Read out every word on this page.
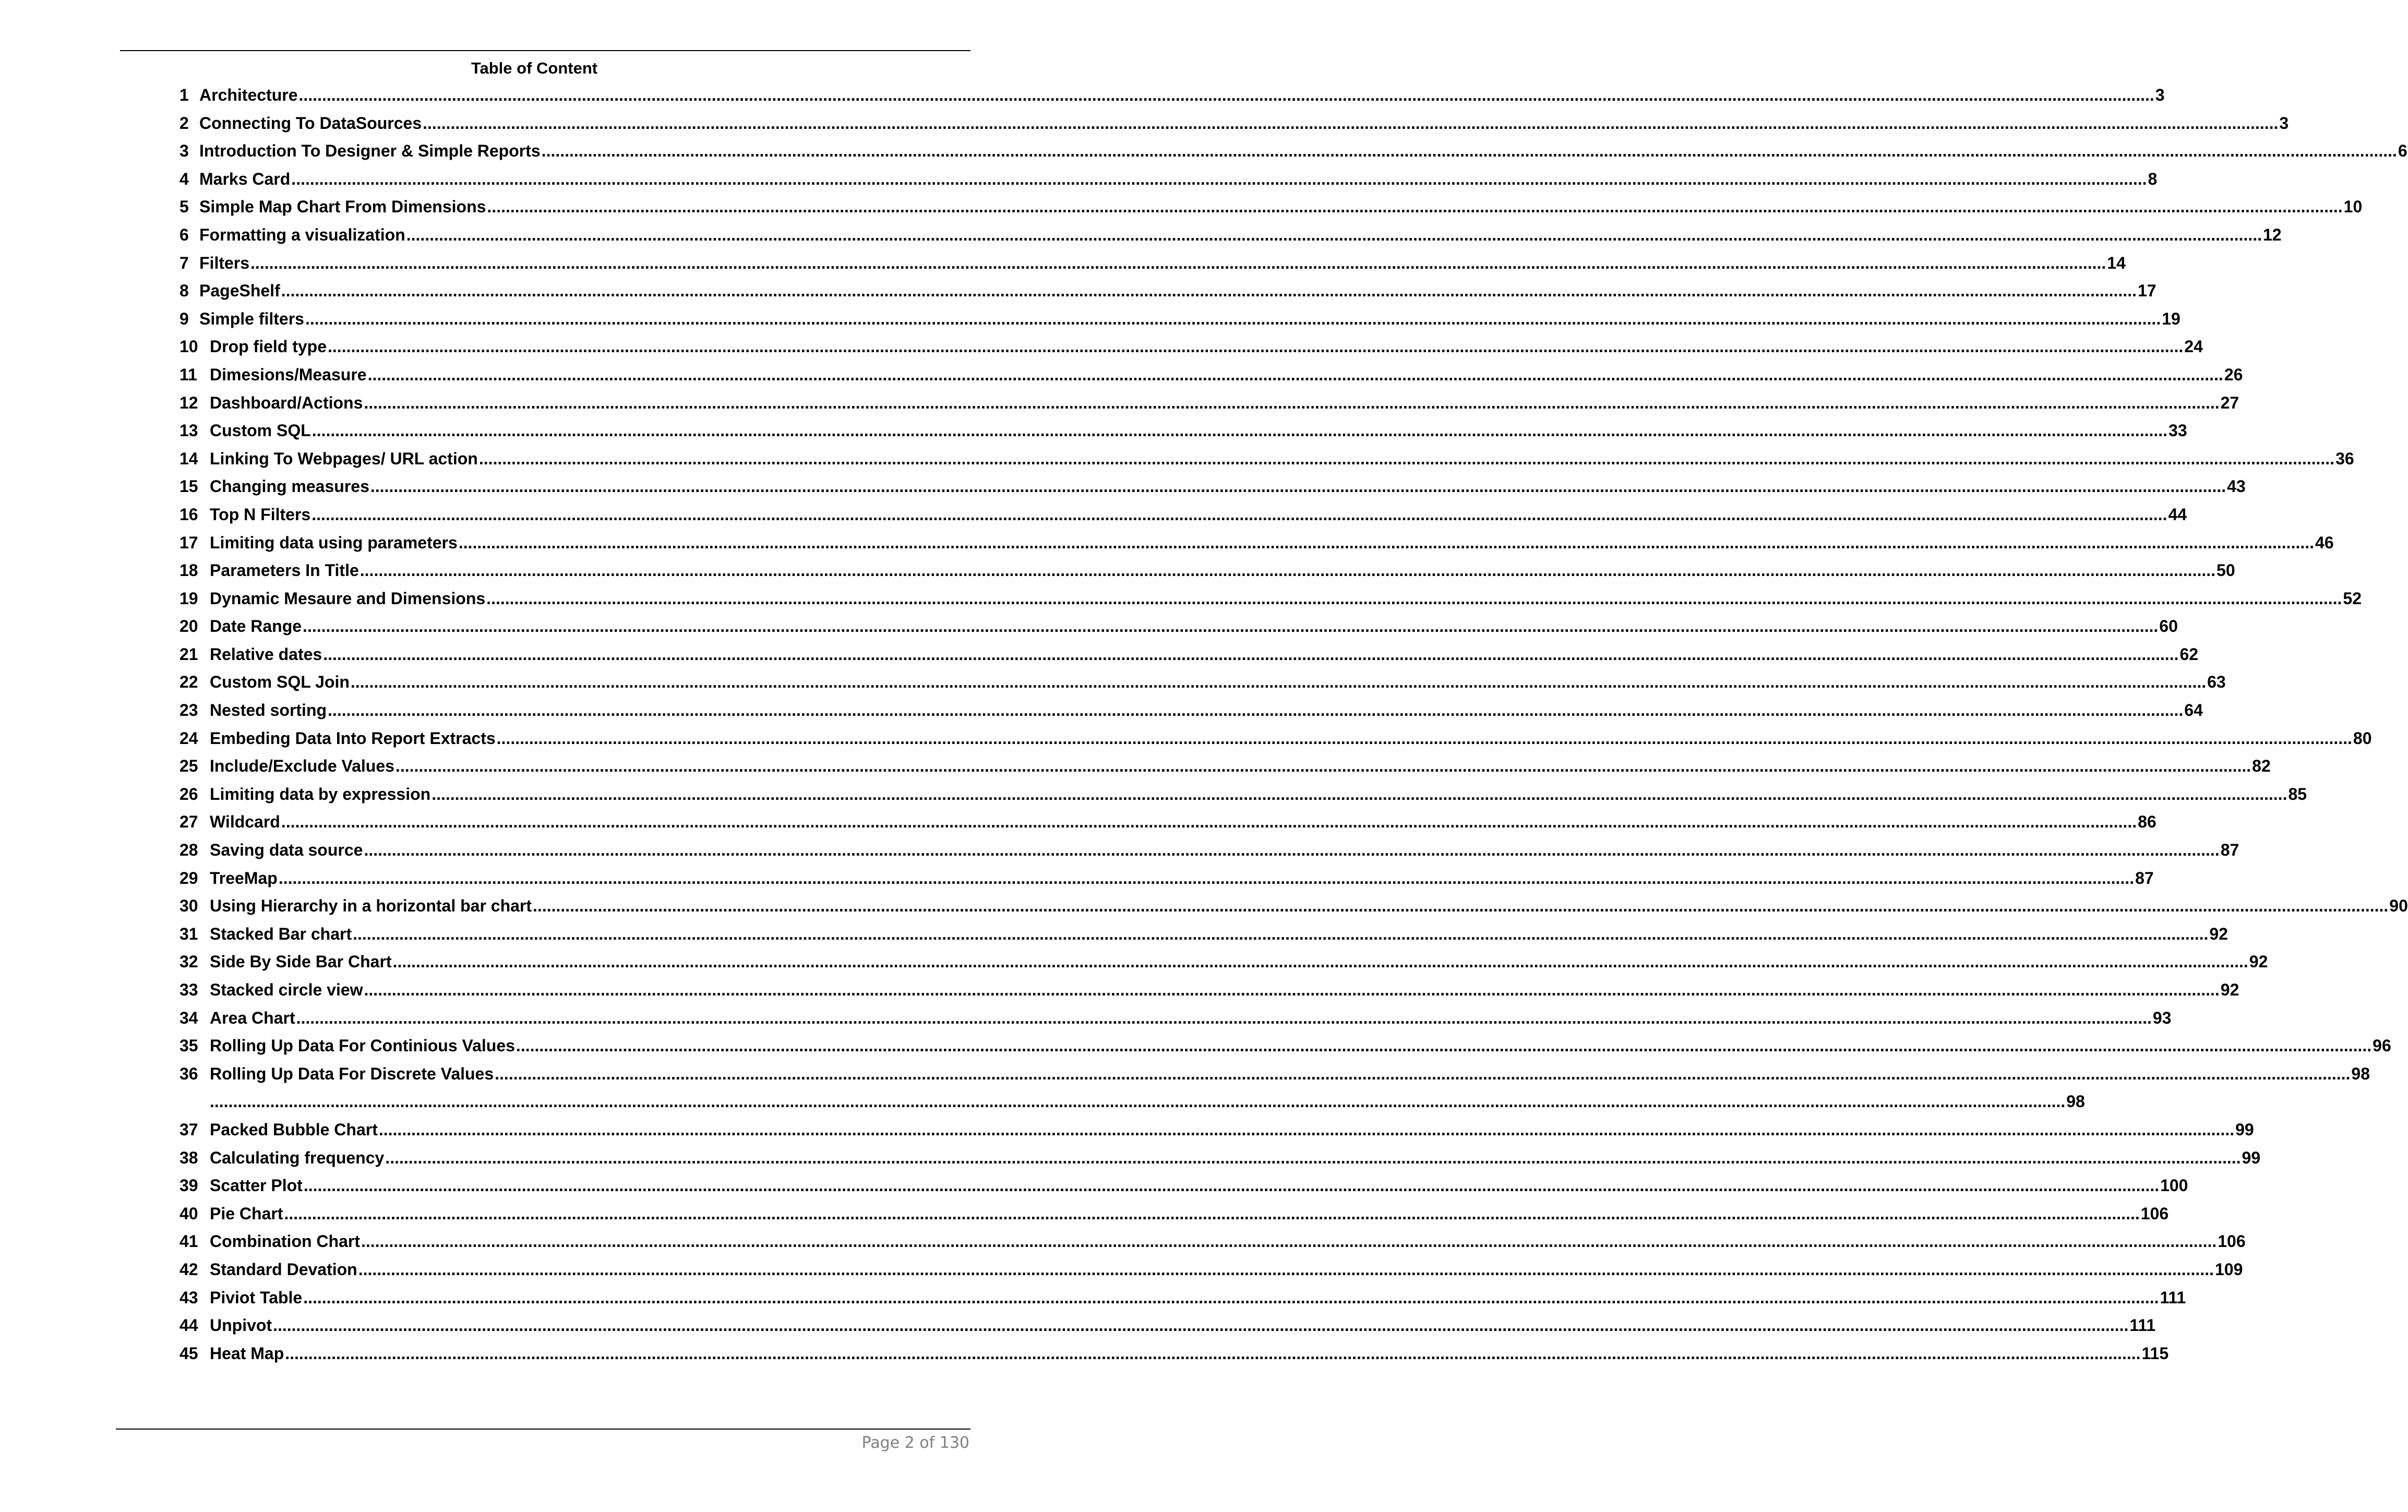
Table of Content
1 Architecture ................................................................................................................................................................................................................................................................................................................................................................................................................ 3
2 Connecting To DataSources ................................................................................................................................................................................................................................................................................................................................................................................................................ 3
3 Introduction To Designer & Simple Reports ................................................................................................................................................................................................................................................................................................................................................................................................................ 6
4 Marks Card ................................................................................................................................................................................................................................................................................................................................................................................................................ 8
5 Simple Map Chart From Dimensions ................................................................................................................................................................................................................................................................................................................................................................................................................ 10
6 Formatting a visualization ................................................................................................................................................................................................................................................................................................................................................................................................................ 12
7 Filters ................................................................................................................................................................................................................................................................................................................................................................................................................ 14
8 PageShelf ................................................................................................................................................................................................................................................................................................................................................................................................................ 17
9 Simple filters ................................................................................................................................................................................................................................................................................................................................................................................................................ 19
10 Drop field type ................................................................................................................................................................................................................................................................................................................................................................................................................ 24
11 Dimesions/Measure ................................................................................................................................................................................................................................................................................................................................................................................................................ 26
12 Dashboard/Actions ................................................................................................................................................................................................................................................................................................................................................................................................................ 27
13 Custom SQL ................................................................................................................................................................................................................................................................................................................................................................................................................ 33
14 Linking To Webpages/ URL action ................................................................................................................................................................................................................................................................................................................................................................................................................ 36
15 Changing measures ................................................................................................................................................................................................................................................................................................................................................................................................................ 43
16 Top N Filters ................................................................................................................................................................................................................................................................................................................................................................................................................ 44
17 Limiting data using parameters ................................................................................................................................................................................................................................................................................................................................................................................................................ 46
18 Parameters In Title ................................................................................................................................................................................................................................................................................................................................................................................................................ 50
19 Dynamic Mesaure and Dimensions ................................................................................................................................................................................................................................................................................................................................................................................................................ 52
20 Date Range ................................................................................................................................................................................................................................................................................................................................................................................................................ 60
21 Relative dates ................................................................................................................................................................................................................................................................................................................................................................................................................ 62
22 Custom SQL Join ................................................................................................................................................................................................................................................................................................................................................................................................................ 63
23 Nested sorting ................................................................................................................................................................................................................................................................................................................................................................................................................ 64
24 Embeding Data Into Report Extracts ................................................................................................................................................................................................................................................................................................................................................................................................................ 80
25 Include/Exclude Values ................................................................................................................................................................................................................................................................................................................................................................................................................ 82
26 Limiting data by expression ................................................................................................................................................................................................................................................................................................................................................................................................................ 85
27 Wildcard ................................................................................................................................................................................................................................................................................................................................................................................................................ 86
28 Saving data source ................................................................................................................................................................................................................................................................................................................................................................................................................ 87
29 TreeMap ................................................................................................................................................................................................................................................................................................................................................................................................................ 87
30 Using Hierarchy in a horizontal bar chart ................................................................................................................................................................................................................................................................................................................................................................................................................ 90
31 Stacked Bar chart ................................................................................................................................................................................................................................................................................................................................................................................................................ 92
32 Side By Side Bar Chart ................................................................................................................................................................................................................................................................................................................................................................................................................ 92
33 Stacked circle view ................................................................................................................................................................................................................................................................................................................................................................................................................ 92
34 Area Chart ................................................................................................................................................................................................................................................................................................................................................................................................................ 93
35 Rolling Up Data For Continious Values ................................................................................................................................................................................................................................................................................................................................................................................................................ 96
36 Rolling Up Data For Discrete Values ................................................................................................................................................................................................................................................................................................................................................................................................................ 98
................................................................................................................................................................................................................................................................................................................................................................................................................ 98
37 Packed Bubble Chart ................................................................................................................................................................................................................................................................................................................................................................................................................ 99
38 Calculating frequency ................................................................................................................................................................................................................................................................................................................................................................................................................ 99
39 Scatter Plot ................................................................................................................................................................................................................................................................................................................................................................................................................ 100
40 Pie Chart ................................................................................................................................................................................................................................................................................................................................................................................................................ 106
41 Combination Chart ................................................................................................................................................................................................................................................................................................................................................................................................................ 106
42 Standard Devation ................................................................................................................................................................................................................................................................................................................................................................................................................ 109
43 Piviot Table ................................................................................................................................................................................................................................................................................................................................................................................................................ 111
44 Unpivot ................................................................................................................................................................................................................................................................................................................................................................................................................ 111
45 Heat Map ................................................................................................................................................................................................................................................................................................................................................................................................................ 115
Page 2 of 130
